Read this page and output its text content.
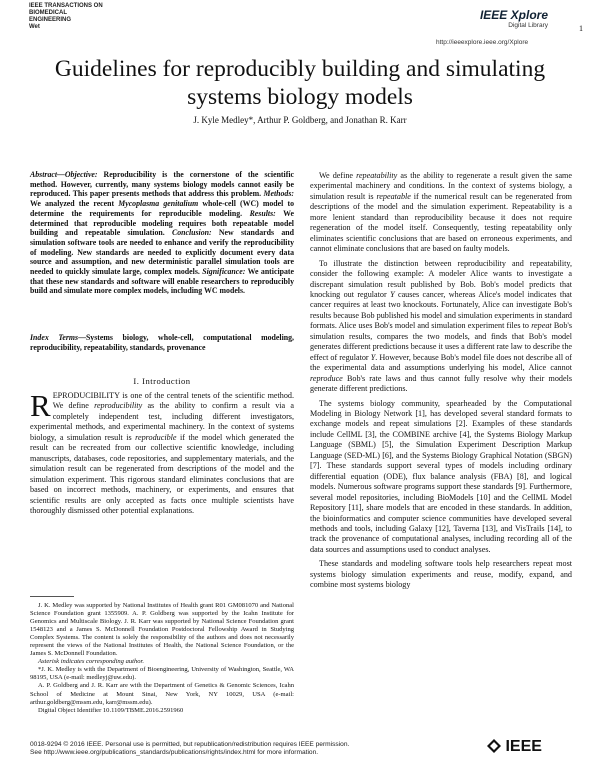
IEEE TRANSACTIONS ON
BIOMEDICAL
ENGINEERING
Wet
IEEE Xplore
Digital Library	1
http://ieeexplore.ieee.org/Xplore
Guidelines for reproducibly building and simulating
systems biology models
J. Kyle Medley*, Arthur P. Goldberg, and Jonathan R. Karr
Abstract—Objective: Reproducibility is the cornerstone of the scientific method. However, currently, many systems biology models cannot easily be reproduced. This paper presents methods that address this problem. Methods: We analyzed the recent Mycoplasma genitalium whole-cell (WC) model to determine the requirements for reproducible modeling. Results: We determined that reproducible modeling requires both repeatable model building and repeatable simulation. Conclusion: New standards and simulation software tools are needed to enhance and verify the reproducibility of modeling. New standards are needed to explicitly document every data source and assumption, and new deterministic parallel simulation tools are needed to quickly simulate large, complex models. Significance: We anticipate that these new standards and software will enable researchers to reproducibly build and simulate more complex models, including WC models.
Index Terms—Systems biology, whole-cell, computational modeling, reproducibility, repeatability, standards, provenance
I. Introduction
REPRODUCIBILITY is one of the central tenets of the scientific method. We define reproducibility as the ability to confirm a result via a completely independent test, including different investigators, experimental methods, and experimental machinery. In the context of systems biology, a simulation result is reproducible if the model which generated the result can be recreated from our collective scientific knowledge, including manuscripts, databases, code repositories, and supplementary materials, and the simulation result can be regenerated from descriptions of the model and the simulation experiment. This rigorous standard eliminates conclusions that are based on incorrect methods, machinery, or experiments, and ensures that scientific results are only accepted as facts once multiple scientists have thoroughly dismissed other potential explanations.

J. K. Medley was supported by National Institutes of Health grant R01 GM081070 and National Science Foundation grant 1355909. A. P. Goldberg was supported by the Icahn Institute for Genomics and Multiscale Biology. J. R. Karr was supported by National Science Foundation grant 1548123 and a James S. McDonnell Foundation Postdoctoral Fellowship Award in Studying Complex Systems. The content is solely the responsibility of the authors and does not necessarily represent the views of the National Institutes of Health, the National Science Foundation, or the James S. McDonnell Foundation.

Asterisk indicates corresponding author.

*J. K. Medley is with the Department of Bioengineering, University of Washington, Seattle, WA 98195, USA (e-mail: medleyj@uw.edu).

A. P. Goldberg and J. R. Karr are with the Department of Genetics & Genomic Sciences, Icahn School of Medicine at Mount Sinai, New York, NY 10029, USA (e-mail: arthur.goldberg@mssm.edu, karr@mssm.edu).

Digital Object Identifier 10.1109/TBME.2016.2591960

We define repeatability as the ability to regenerate a result given the same experimental machinery and conditions. In the context of systems biology, a simulation result is repeatable if the numerical result can be regenerated from descriptions of the model and the simulation experiment. Repeatability is a more lenient standard than reproducibility because it does not require regeneration of the model itself. Consequently, testing repeatability only eliminates scientific conclusions that are based on erroneous experiments, and cannot eliminate conclusions that are based on faulty models.

To illustrate the distinction between reproducibility and repeatability, consider the following example: A modeler Alice wants to investigate a discrepant simulation result published by Bob. Bob's model predicts that knocking out regulator Y causes cancer, whereas Alice's model indicates that cancer requires at least two knockouts. Fortunately, Alice can investigate Bob's results because Bob published his model and simulation experiments in standard formats. Alice uses Bob's model and simulation experiment files to repeat Bob's simulation results, compares the two models, and finds that Bob's model generates different predictions because it uses a different rate law to describe the effect of regulator Y. However, because Bob's model file does not describe all of the experimental data and assumptions underlying his model, Alice cannot reproduce Bob's rate laws and thus cannot fully resolve why their models generate different predictions.

The systems biology community, spearheaded by the Computational Modeling in Biology Network [1], has developed several standard formats to exchange models and repeat simulations [2]. Examples of these standards include CellML [3], the COMBINE archive [4], the Systems Biology Markup Language (SBML) [5], the Simulation Experiment Description Markup Language (SED-ML) [6], and the Systems Biology Graphical Notation (SBGN) [7]. These standards support several types of models including ordinary differential equation (ODE), flux balance analysis (FBA) [8], and logical models. Numerous software programs support these standards [9]. Furthermore, several model repositories, including BioModels [10] and the CellML Model Repository [11], share models that are encoded in these standards. In addition, the bioinformatics and computer science communities have developed several methods and tools, including Galaxy [12], Taverna [13], and VisTrails [14], to track the provenance of computational analyses, including recording all of the data sources and assumptions used to conduct analyses.

These standards and modeling software tools help researchers repeat most systems biology simulation experiments and reuse, modify, expand, and combine most systems biology

0018-9294 © 2016 IEEE. Personal use is permitted, but republication/redistribution requires IEEE permission.
See http://www.ieee.org/publications_standards/publications/rights/index.html for more information.	IEEE
